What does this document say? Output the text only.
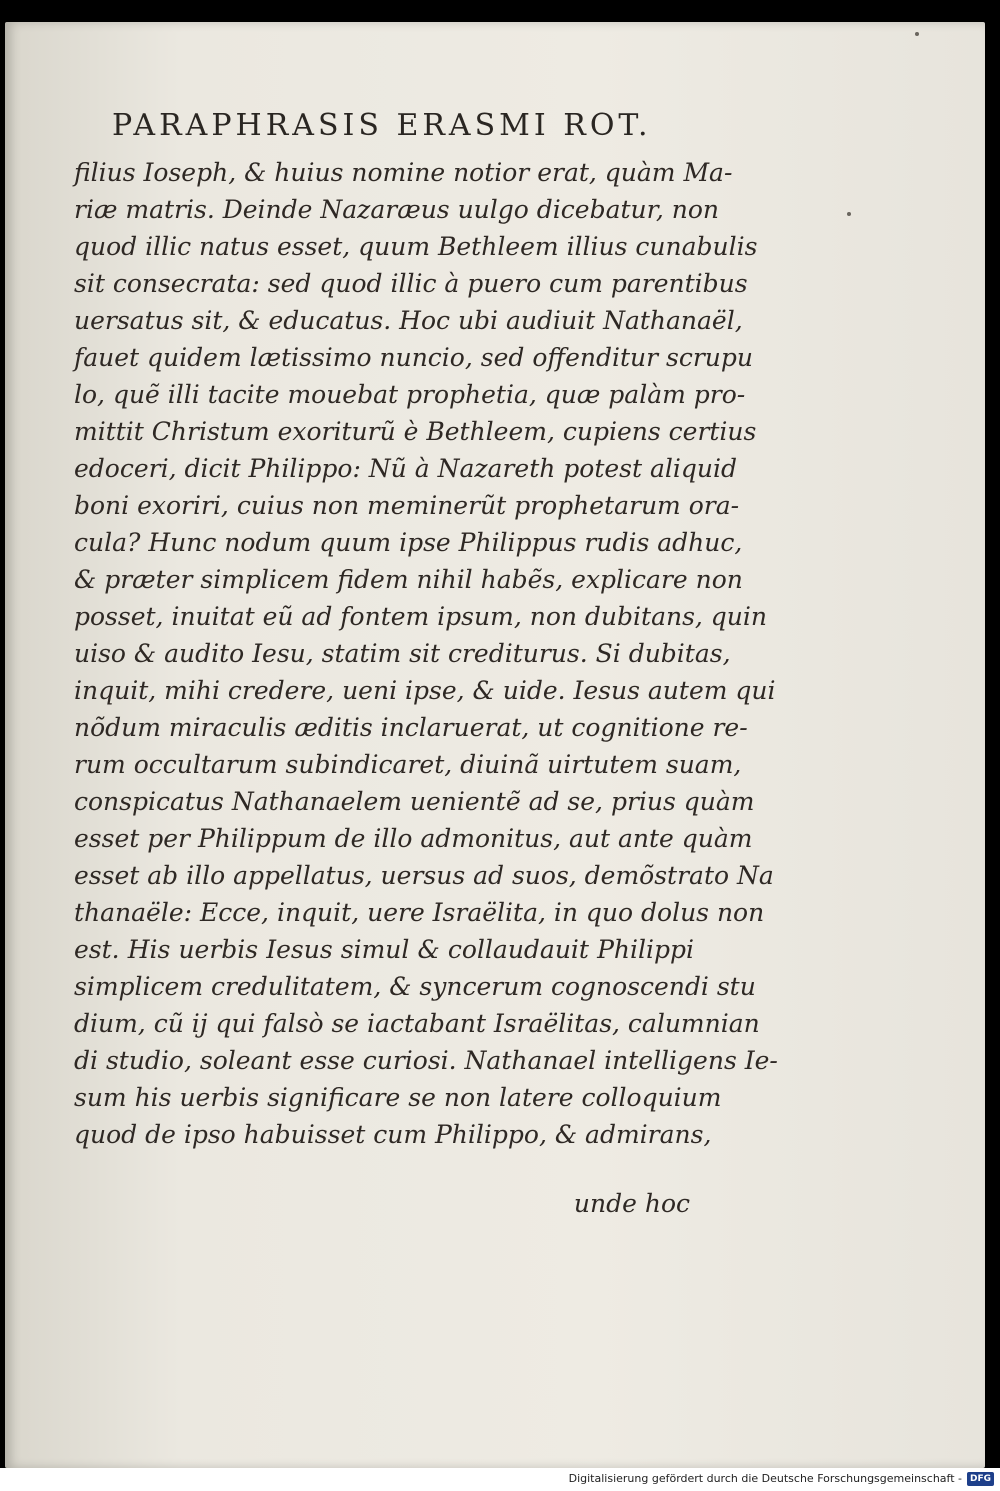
PARAPHRASIS ERASMI ROT.
filius Ioseph, & huius nomine notior erat, quàm Ma-
riæ matris. Deinde Nazaræus uulgo dicebatur, non
quod illic natus esset, quum Bethleem illius cunabulis
sit consecrata: sed quod illic à puero cum parentibus
uersatus sit, & educatus. Hoc ubi audiuit Nathanaël,
fauet quidem lætissimo nuncio, sed offenditur scrupu
lo, quẽ illi tacite mouebat prophetia, quæ palàm pro-
mittit Christum exoriturũ è Bethleem, cupiens certius
edoceri, dicit Philippo: Nũ à Nazareth potest aliquid
boni exoriri, cuius non meminerũt prophetarum ora-
cula? Hunc nodum quum ipse Philippus rudis adhuc,
& præter simplicem fidem nihil habẽs, explicare non
posset, inuitat eũ ad fontem ipsum, non dubitans, quin
uiso & audito Iesu, statim sit crediturus. Si dubitas,
inquit, mihi credere, ueni ipse, & uide. Iesus autem qui
nõdum miraculis æditis inclaruerat, ut cognitione re-
rum occultarum subindicaret, diuinã uirtutem suam,
conspicatus Nathanaelem uenientẽ ad se, prius quàm
esset per Philippum de illo admonitus, aut ante quàm
esset ab illo appellatus, uersus ad suos, demõstrato Na
thanaële: Ecce, inquit, uere Israëlita, in quo dolus non
est. His uerbis Iesus simul & collaudauit Philippi
simplicem credulitatem, & syncerum cognoscendi stu
dium, cũ ij qui falsò se iactabant Israëlitas, calumnian
di studio, soleant esse curiosi. Nathanael intelligens Ie-
sum his uerbis significare se non latere colloquium
quod de ipso habuisset cum Philippo, & admirans,
unde hoc
Digitalisierung gefördert durch die Deutsche Forschungsgemeinschaft - DFG
